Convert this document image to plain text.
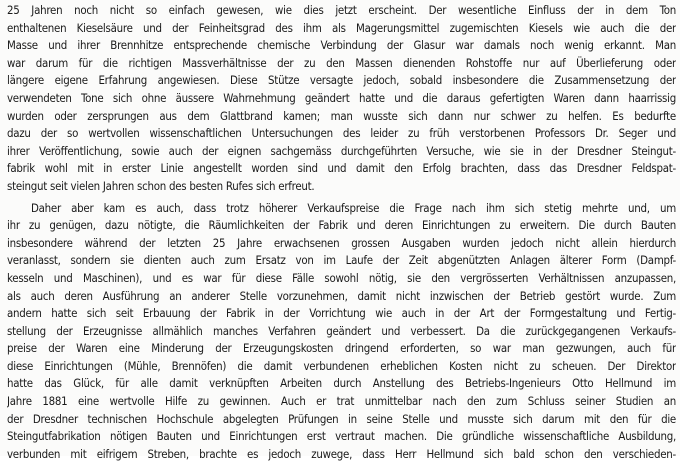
25 Jahren noch nicht so einfach gewesen, wie dies jetzt erscheint. Der wesentliche Einfluss der in dem Ton
enthaltenen Kieselsäure und der Feinheitsgrad des ihm als Magerungsmittel zugemischten Kiesels wie auch die der
Masse und ihrer Brennhitze entsprechende chemische Verbindung der Glasur war damals noch wenig erkannt. Man
war darum für die richtigen Massverhältnisse der zu den Massen dienenden Rohstoffe nur auf Überlieferung oder
längere eigene Erfahrung angewiesen. Diese Stütze versagte jedoch, sobald insbesondere die Zusammensetzung der
verwendeten Tone sich ohne äussere Wahrnehmung geändert hatte und die daraus gefertigten Waren dann haarrissig
wurden oder zersprungen aus dem Glattbrand kamen; man wusste sich dann nur schwer zu helfen. Es bedurfte
dazu der so wertvollen wissenschaftlichen Untersuchungen des leider zu früh verstorbenen Professors Dr. Seger und
ihrer Veröffentlichung, sowie auch der eignen sachgemäss durchgeführten Versuche, wie sie in der Dresdner Steingut-
fabrik wohl mit in erster Linie angestellt worden sind und damit den Erfolg brachten, dass das Dresdner Feldspat-
steingut seit vielen Jahren schon des besten Rufes sich erfreut.
Daher aber kam es auch, dass trotz höherer Verkaufspreise die Frage nach ihm sich stetig mehrte und, um
ihr zu genügen, dazu nötigte, die Räumlichkeiten der Fabrik und deren Einrichtungen zu erweitern. Die durch Bauten
insbesondere während der letzten 25 Jahre erwachsenen grossen Ausgaben wurden jedoch nicht allein hierdurch
veranlasst, sondern sie dienten auch zum Ersatz von im Laufe der Zeit abgenützten Anlagen älterer Form (Dampf-
kesseln und Maschinen), und es war für diese Fälle sowohl nötig, sie den vergrösserten Verhältnissen anzupassen,
als auch deren Ausführung an anderer Stelle vorzunehmen, damit nicht inzwischen der Betrieb gestört wurde. Zum
andern hatte sich seit Erbauung der Fabrik in der Vorrichtung wie auch in der Art der Formgestaltung und Fertig-
stellung der Erzeugnisse allmählich manches Verfahren geändert und verbessert. Da die zurückgegangenen Verkaufs-
preise der Waren eine Minderung der Erzeugungskosten dringend erforderten, so war man gezwungen, auch für
diese Einrichtungen (Mühle, Brennöfen) die damit verbundenen erheblichen Kosten nicht zu scheuen. Der Direktor
hatte das Glück, für alle damit verknüpften Arbeiten durch Anstellung des Betriebs-Ingenieurs Otto Hellmund im
Jahre 1881 eine wertvolle Hilfe zu gewinnen. Auch er trat unmittelbar nach den zum Schluss seiner Studien an
der Dresdner technischen Hochschule abgelegten Prüfungen in seine Stelle und musste sich darum mit den für die
Steingutfabrikation nötigen Bauten und Einrichtungen erst vertraut machen. Die gründliche wissenschaftliche Ausbildung,
verbunden mit eifrigem Streben, brachte es jedoch zuwege, dass Herr Hellmund sich bald schon den verschieden-
